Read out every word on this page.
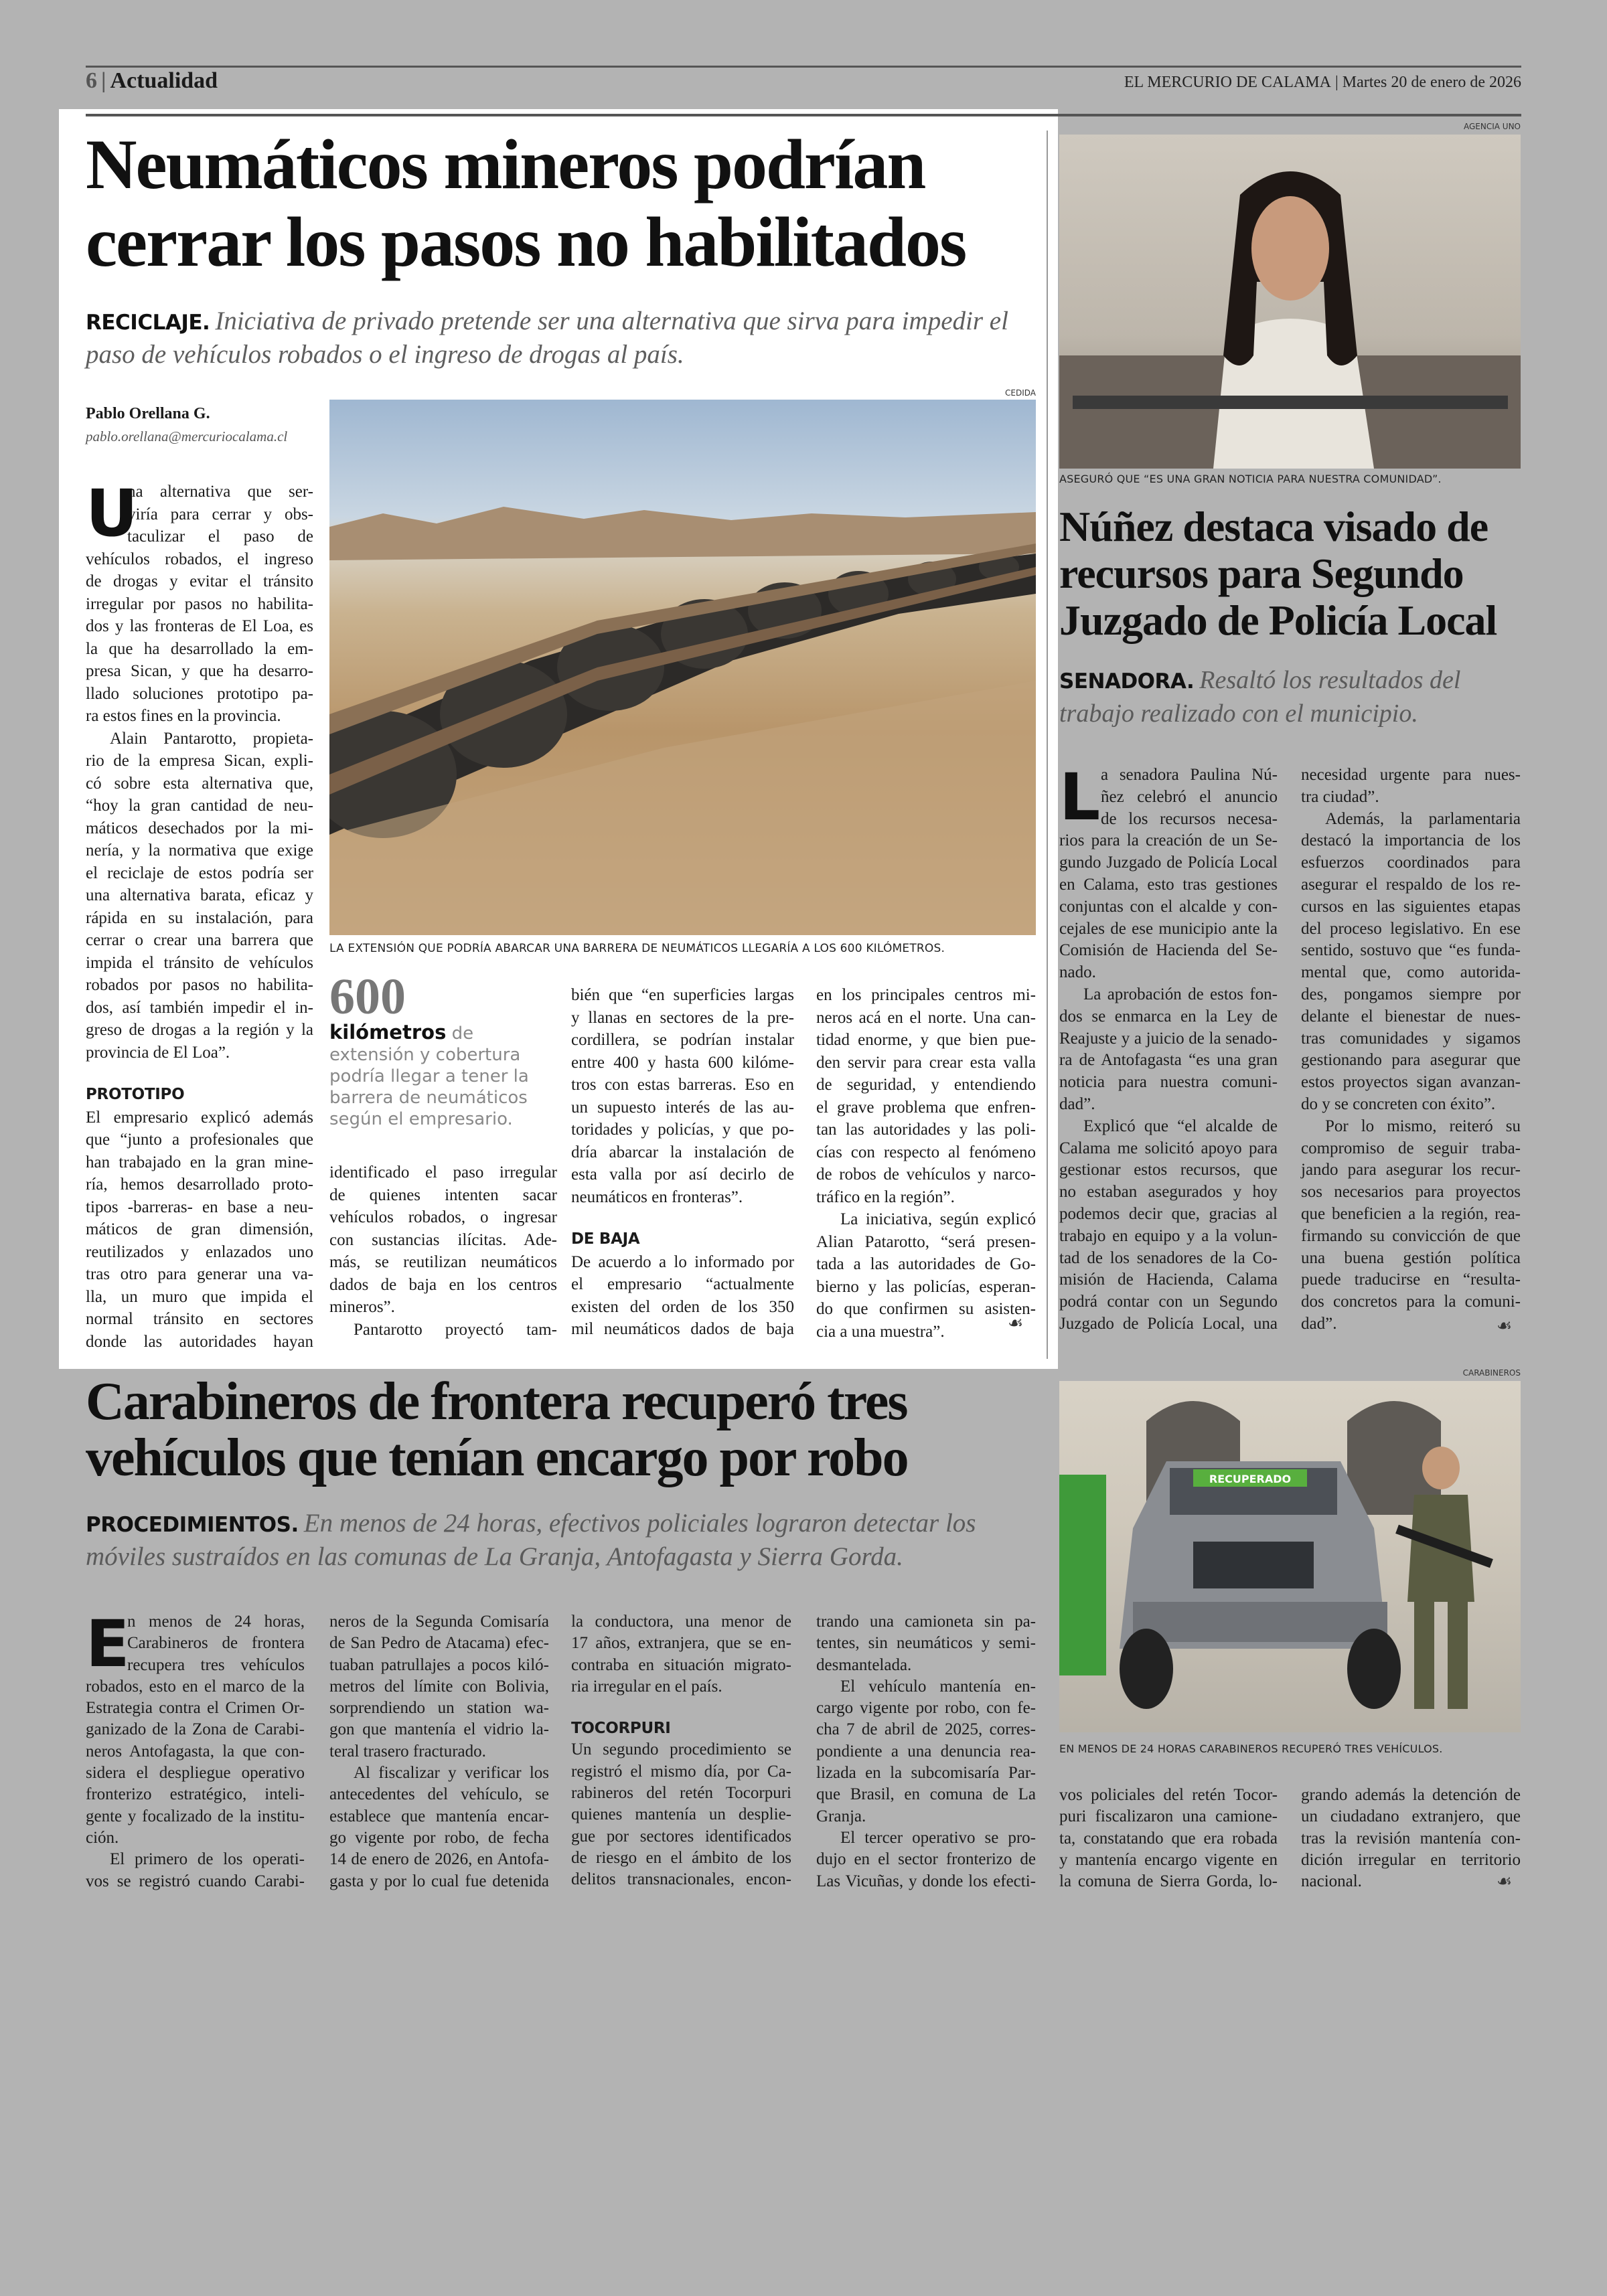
6 | Actualidad	EL MERCURIO DE CALAMA | Martes 20 de enero de 2026
Neumáticos mineros podrían
cerrar los pasos no habilitados
RECICLAJE. Iniciativa de privado pretende ser una alternativa que sirva para impedir el paso de vehículos robados o el ingreso de drogas al país.
Pablo Orellana G.
pablo.orellana@mercuriocalama.cl
CEDIDA
LA EXTENSIÓN QUE PODRÍA ABARCAR UNA BARRERA DE NEUMÁTICOS LLEGARÍA A LOS 600 KILÓMETROS.
U
na alternativa que ser-
viría para cerrar y obs-
taculizar el paso de
vehículos robados, el ingreso
de drogas y evitar el tránsito
irregular por pasos no habilita-
dos y las fronteras de El Loa, es
la que ha desarrollado la em-
presa Sican, y que ha desarro-
llado soluciones prototipo pa-
ra estos fines en la provincia.
Alain Pantarotto, propieta-
rio de la empresa Sican, expli-
có sobre esta alternativa que,
“hoy la gran cantidad de neu-
máticos desechados por la mi-
nería, y la normativa que exige
el reciclaje de estos podría ser
una alternativa barata, eficaz y
rápida en su instalación, para
cerrar o crear una barrera que
impida el tránsito de vehículos
robados por pasos no habilita-
dos, así también impedir el in-
greso de drogas a la región y la
provincia de El Loa”.
PROTOTIPO
El empresario explicó además
que “junto a profesionales que
han trabajado en la gran mine-
ría, hemos desarrollado proto-
tipos -barreras- en base a neu-
máticos de gran dimensión,
reutilizados y enlazados uno
tras otro para generar una va-
lla, un muro que impida el
normal tránsito en sectores
donde las autoridades hayan
600
kilómetros de extensión y cobertura podría llegar a tener la barrera de neumáticos según el empresario.
identificado el paso irregular
de quienes intenten sacar
vehículos robados, o ingresar
con sustancias ilícitas. Ade-
más, se reutilizan neumáticos
dados de baja en los centros
mineros”.
Pantarotto proyectó tam-
bién que “en superficies largas
y llanas en sectores de la pre-
cordillera, se podrían instalar
entre 400 y hasta 600 kilóme-
tros con estas barreras. Eso en
un supuesto interés de las au-
toridades y policías, y que po-
dría abarcar la instalación de
esta valla por así decirlo de
neumáticos en fronteras”.
DE BAJA
De acuerdo a lo informado por
el empresario “actualmente
existen del orden de los 350
mil neumáticos dados de baja
en los principales centros mi-
neros acá en el norte. Una can-
tidad enorme, y que bien pue-
den servir para crear esta valla
de seguridad, y entendiendo
el grave problema que enfren-
tan las autoridades y las poli-
cías con respecto al fenómeno
de robos de vehículos y narco-
tráfico en la región”.
La iniciativa, según explicó
Alian Patarotto, “será presen-
tada a las autoridades de Go-
bierno y las policías, esperan-
do que confirmen su asisten-
cia a una muestra”.	☙
AGENCIA UNO
ASEGURÓ QUE “ES UNA GRAN NOTICIA PARA NUESTRA COMUNIDAD”.
Núñez destaca visado de
recursos para Segundo
Juzgado de Policía Local
SENADORA. Resaltó los resultados del trabajo realizado con el municipio.
L a senadora Paulina Nú-
ñez celebró el anuncio
de los recursos necesa-
rios para la creación de un Se-
gundo Juzgado de Policía Local
en Calama, esto tras gestiones
conjuntas con el alcalde y con-
cejales de ese municipio ante la
Comisión de Hacienda del Se-
nado.
La aprobación de estos fon-
dos se enmarca en la Ley de
Reajuste y a juicio de la senado-
ra de Antofagasta “es una gran
noticia para nuestra comuni-
dad”.
Explicó que “el alcalde de
Calama me solicitó apoyo para
gestionar estos recursos, que
no estaban asegurados y hoy
podemos decir que, gracias al
trabajo en equipo y a la volun-
tad de los senadores de la Co-
misión de Hacienda, Calama
podrá contar con un Segundo
Juzgado de Policía Local, una
necesidad urgente para nues-
tra ciudad”.
Además, la parlamentaria
destacó la importancia de los
esfuerzos coordinados para
asegurar el respaldo de los re-
cursos en las siguientes etapas
del proceso legislativo. En ese
sentido, sostuvo que “es funda-
mental que, como autorida-
des, pongamos siempre por
delante el bienestar de nues-
tras comunidades y sigamos
gestionando para asegurar que
estos proyectos sigan avanzan-
do y se concreten con éxito”.
Por lo mismo, reiteró su
compromiso de seguir traba-
jando para asegurar los recur-
sos necesarios para proyectos
que beneficien a la región, rea-
firmando su convicción de que
una buena gestión política
puede traducirse en “resulta-
dos concretos para la comuni-
dad”.	☙
Carabineros de frontera recuperó tres
vehículos que tenían encargo por robo
PROCEDIMIENTOS. En menos de 24 horas, efectivos policiales lograron detectar los móviles sustraídos en las comunas de La Granja, Antofagasta y Sierra Gorda.
E
n menos de 24 horas,
Carabineros de frontera
recupera tres vehículos
robados, esto en el marco de la
Estrategia contra el Crimen Or-
ganizado de la Zona de Carabi-
neros Antofagasta, la que con-
sidera el despliegue operativo
fronterizo estratégico, inteli-
gente y focalizado de la institu-
ción.
El primero de los operati-
vos se registró cuando Carabi-
neros de la Segunda Comisaría
de San Pedro de Atacama) efec-
tuaban patrullajes a pocos kiló-
metros del límite con Bolivia,
sorprendiendo un station wa-
gon que mantenía el vidrio la-
teral trasero fracturado.
Al fiscalizar y verificar los
antecedentes del vehículo, se
establece que mantenía encar-
go vigente por robo, de fecha
14 de enero de 2026, en Antofa-
gasta y por lo cual fue detenida
la conductora, una menor de
17 años, extranjera, que se en-
contraba en situación migrato-
ria irregular en el país.
TOCORPURI
Un segundo procedimiento se
registró el mismo día, por Ca-
rabineros del retén Tocorpuri
quienes mantenía un desplie-
gue por sectores identificados
de riesgo en el ámbito de los
delitos transnacionales, encon-
trando una camioneta sin pa-
tentes, sin neumáticos y semi-
desmantelada.
El vehículo mantenía en-
cargo vigente por robo, con fe-
cha 7 de abril de 2025, corres-
pondiente a una denuncia rea-
lizada en la subcomisaría Par-
que Brasil, en comuna de La
Granja.
El tercer operativo se pro-
dujo en el sector fronterizo de
Las Vicuñas, y donde los efecti-
CARABINEROS
RECUPERADO
EN MENOS DE 24 HORAS CARABINEROS RECUPERÓ TRES VEHÍCULOS.
vos policiales del retén Tocor-
puri fiscalizaron una camione-
ta, constatando que era robada
y mantenía encargo vigente en
la comuna de Sierra Gorda, lo-
grando además la detención de
un ciudadano extranjero, que
tras la revisión mantenía con-
dición irregular en territorio
nacional.	☙
